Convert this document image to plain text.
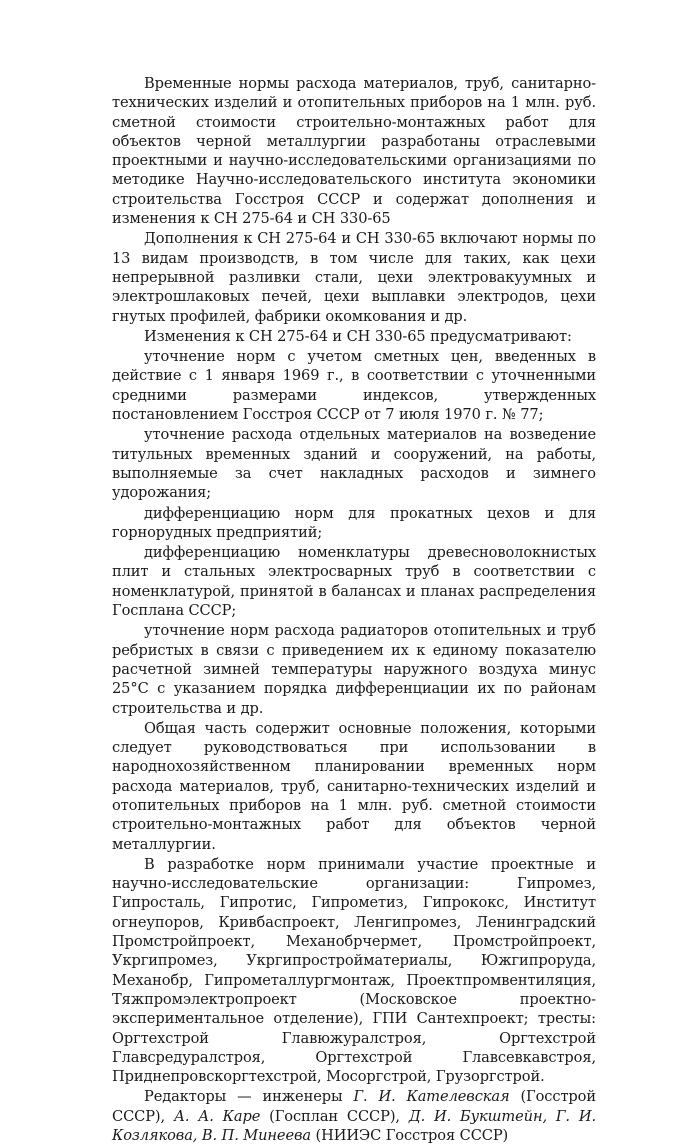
Временные нормы расхода материалов, труб, санитарно-технических изделий и отопительных приборов на 1 млн. руб. сметной стоимости строительно-монтажных работ для объектов черной металлургии разработаны отраслевыми проектными и научно-исследовательскими организациями по методике Научно-исследовательского института экономики строительства Госстроя СССР и содержат дополнения и изменения к СН 275-64 и СН 330-65

Дополнения к СН 275-64 и СН 330-65 включают нормы по 13 видам производств, в том числе для таких, как цехи непрерывной разливки стали, цехи электровакуумных и электрошлаковых печей, цехи выплавки электродов, цехи гнутых профилей, фабрики окомкования и др.

Изменения к СН 275-64 и СН 330-65 предусматривают:

уточнение норм с учетом сметных цен, введенных в действие с 1 января 1969 г., в соответствии с уточненными средними размерами индексов, утвержденных постановлением Госстроя СССР от 7 июля 1970 г. № 77;

уточнение расхода отдельных материалов на возведение титульных временных зданий и сооружений, на работы, выполняемые за счет накладных расходов и зимнего удорожания;

дифференциацию норм для прокатных цехов и для горнорудных предприятий;

дифференциацию номенклатуры древесноволокнистых плит и стальных электросварных труб в соответствии с номенклатурой, принятой в балансах и планах распределения Госплана СССР;

уточнение норм расхода радиаторов отопительных и труб ребристых в связи с приведением их к единому показателю расчетной зимней температуры наружного воздуха минус 25°С с указанием порядка дифференциации их по районам строительства и др.

Общая часть содержит основные положения, которыми следует руководствоваться при использовании в народнохозяйственном планировании временных норм расхода материалов, труб, санитарно-технических изделий и отопительных приборов на 1 млн. руб. сметной стоимости строительно-монтажных работ для объектов черной металлургии.

В разработке норм принимали участие проектные и научно-исследовательские организации: Гипромез, Гипросталь, Гипротис, Гипрометиз, Гипрококс, Институт огнеупоров, Кривбаспроект, Ленгипромез, Ленинградский Промстройпроект, Механобрчермет, Промстройпроект, Укргипромез, Укргипростройматериалы, Южгипроруда, Механобр, Гипрометаллургмонтаж, Проектпромвентиляция, Тяжпромэлектропроект (Московское проектно-экспериментальное отделение), ГПИ Сантехпроект; тресты: Оргтехстрой Главюжуралстроя, Оргтехстрой Главсредуралстроя, Оргтехстрой Главсевкавстроя, Приднепровскоргтехстрой, Мосоргстрой, Грузоргстрой.

Редакторы — инженеры Г. И. Кателевская (Госстрой СССР), А. А. Каре (Госплан СССР), Д. И. Букштейн, Г. И. Козлякова, В. П. Минеева (НИИЭС Госстроя СССР)
